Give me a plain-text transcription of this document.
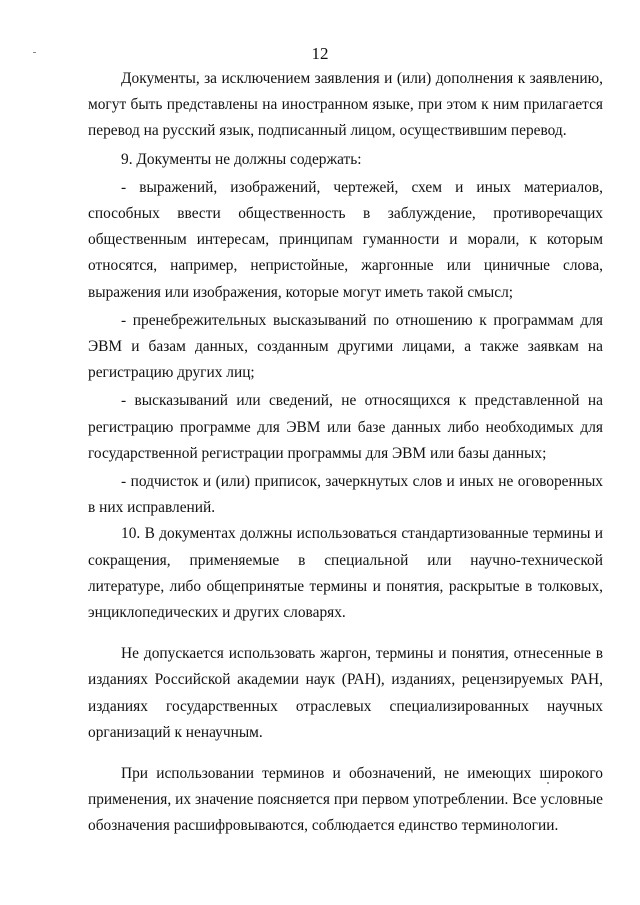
12

Документы, за исключением заявления и (или) дополнения к заявлению, могут быть представлены на иностранном языке, при этом к ним прилагается перевод на русский язык, подписанный лицом, осуществившим перевод.

9. Документы не должны содержать:

- выражений, изображений, чертежей, схем и иных материалов, способных ввести общественность в заблуждение, противоречащих общественным интересам, принципам гуманности и морали, к которым относятся, например, непристойные, жаргонные или циничные слова, выражения или изображения, которые могут иметь такой смысл;

- пренебрежительных высказываний по отношению к программам для ЭВМ и базам данных, созданным другими лицами, а также заявкам на регистрацию других лиц;

- высказываний или сведений, не относящихся к представленной на регистрацию программе для ЭВМ или базе данных либо необходимых для государственной регистрации программы для ЭВМ или базы данных;

- подчисток и (или) приписок, зачеркнутых слов и иных не оговоренных в них исправлений.

10. В документах должны использоваться стандартизованные термины и сокращения, применяемые в специальной или научно-технической литературе, либо общепринятые термины и понятия, раскрытые в толковых, энциклопедических и других словарях.

Не допускается использовать жаргон, термины и понятия, отнесенные в изданиях Российской академии наук (РАН), изданиях, рецензируемых РАН, изданиях государственных отраслевых специализированных научных организаций к ненаучным.

При использовании терминов и обозначений, не имеющих широкого применения, их значение поясняется при первом употреблении. Все условные обозначения расшифровываются, соблюдается единство терминологии.
